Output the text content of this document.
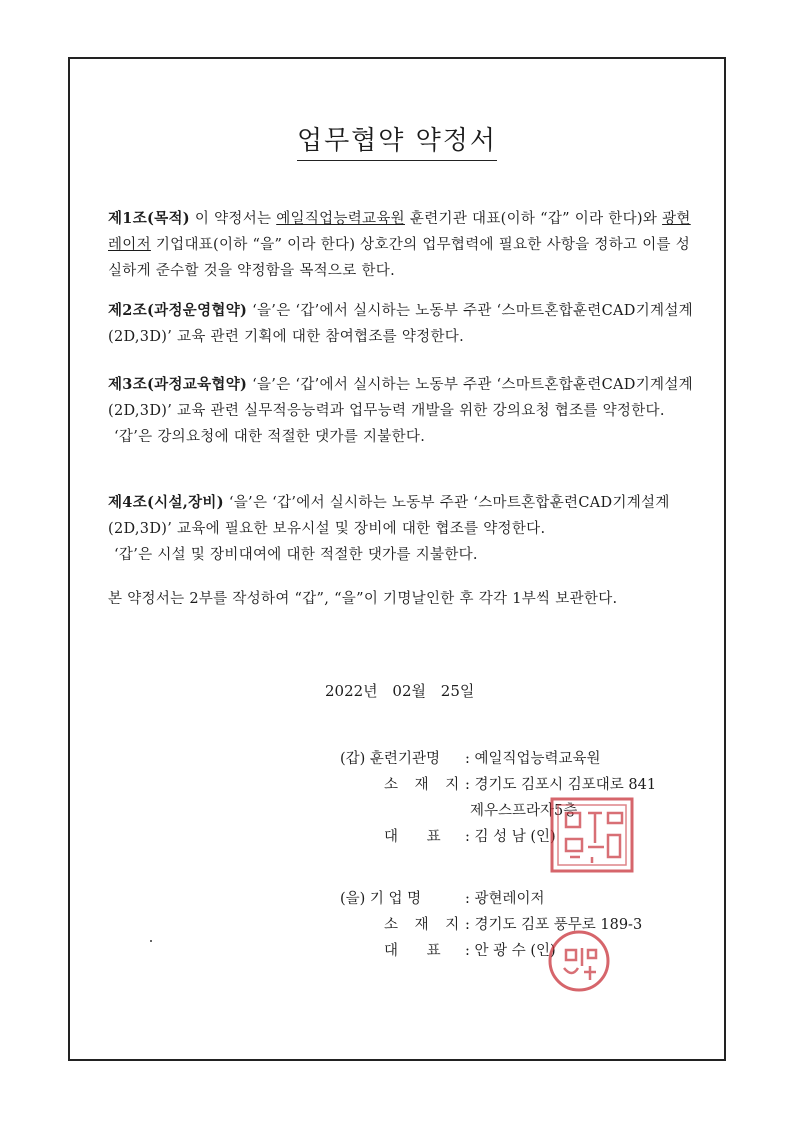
업무협약 약정서

제1조(목적) 이 약정서는 예일직업능력교육원 훈련기관 대표(이하 “갑” 이라 한다)와 광현레이저 기업대표(이하 “을” 이라 한다) 상호간의 업무협력에 필요한 사항을 정하고 이를 성실하게 준수할 것을 약정함을 목적으로 한다.

제2조(과정운영협약) ‘을’은 ‘갑’에서 실시하는 노동부 주관 ‘스마트혼합훈련CAD기계설계(2D,3D)’ 교육 관련 기획에 대한 참여협조를 약정한다.

제3조(과정교육협약) ‘을’은 ‘갑’에서 실시하는 노동부 주관 ‘스마트혼합훈련CAD기계설계(2D,3D)’ 교육 관련 실무적응능력과 업무능력 개발을 위한 강의요청 협조를 약정한다.

‘갑’은 강의요청에 대한 적절한 댓가를 지불한다.

제4조(시설,장비) ‘을’은 ‘갑’에서 실시하는 노동부 주관 ‘스마트혼합훈련CAD기계설계(2D,3D)’ 교육에 필요한 보유시설 및 장비에 대한 협조를 약정한다.

‘갑’은 시설 및 장비대여에 대한 적절한 댓가를 지불한다.

본 약정서는 2부를 작성하여 “갑”, “을”이 기명날인한 후 각각 1부씩 보관한다.

2022년 02월 25일
(갑) 훈련기관명	: 예일직업능력교육원
소 재 지 : 경기도 김포시 김포대로 841
제우스프라자5층
대 표	: 김 성 남 (인)
(을) 기 업 명	: 광현레이저
소 재 지 : 경기도 김포 풍무로 189-3
대 표	: 안 광 수 (인)
